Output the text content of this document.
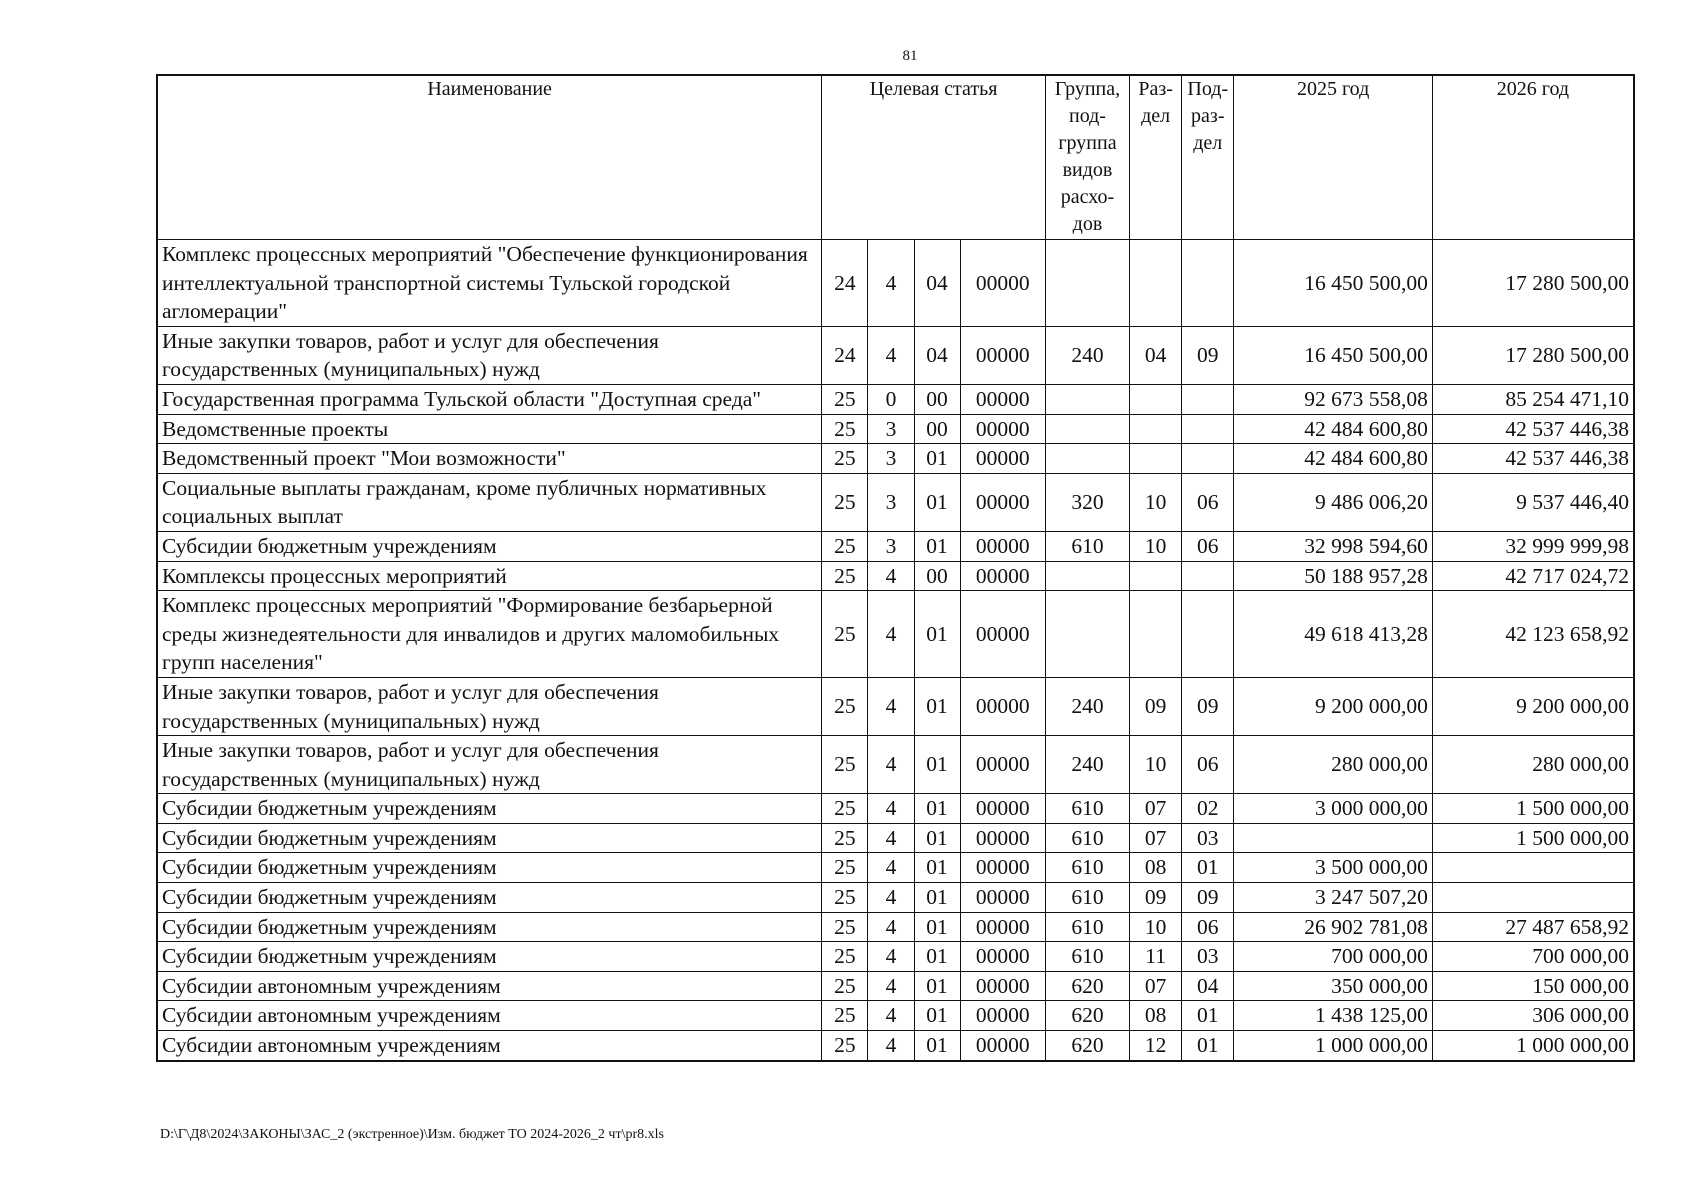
81
Наименование	Целевая статья				Группа, под-группа видов расхо-дов	Раз-дел	Под-раз-дел	2025 год	2026 год
Комплекс процессных мероприятий "Обеспечение функционирования интеллектуальной транспортной системы Тульской городской агломерации"	24	4	04	00000				16 450 500,00	17 280 500,00
Иные закупки товаров, работ и услуг для обеспечения государственных (муниципальных) нужд	24	4	04	00000	240	04	09	16 450 500,00	17 280 500,00
Государственная программа Тульской области "Доступная среда"	25	0	00	00000				92 673 558,08	85 254 471,10
Ведомственные проекты	25	3	00	00000				42 484 600,80	42 537 446,38
Ведомственный проект "Мои возможности"	25	3	01	00000				42 484 600,80	42 537 446,38
Социальные выплаты гражданам, кроме публичных нормативных социальных выплат	25	3	01	00000	320	10	06	9 486 006,20	9 537 446,40
Субсидии бюджетным учреждениям	25	3	01	00000	610	10	06	32 998 594,60	32 999 999,98
Комплексы процессных мероприятий	25	4	00	00000				50 188 957,28	42 717 024,72
Комплекс процессных мероприятий "Формирование безбарьерной среды жизнедеятельности для инвалидов и других маломобильных групп населения"	25	4	01	00000				49 618 413,28	42 123 658,92
Иные закупки товаров, работ и услуг для обеспечения государственных (муниципальных) нужд	25	4	01	00000	240	09	09	9 200 000,00	9 200 000,00
Иные закупки товаров, работ и услуг для обеспечения государственных (муниципальных) нужд	25	4	01	00000	240	10	06	280 000,00	280 000,00
Субсидии бюджетным учреждениям	25	4	01	00000	610	07	02	3 000 000,00	1 500 000,00
Субсидии бюджетным учреждениям	25	4	01	00000	610	07	03		1 500 000,00
Субсидии бюджетным учреждениям	25	4	01	00000	610	08	01	3 500 000,00	
Субсидии бюджетным учреждениям	25	4	01	00000	610	09	09	3 247 507,20	
Субсидии бюджетным учреждениям	25	4	01	00000	610	10	06	26 902 781,08	27 487 658,92
Субсидии бюджетным учреждениям	25	4	01	00000	610	11	03	700 000,00	700 000,00
Субсидии автономным учреждениям	25	4	01	00000	620	07	04	350 000,00	150 000,00
Субсидии автономным учреждениям	25	4	01	00000	620	08	01	1 438 125,00	306 000,00
Субсидии автономным учреждениям	25	4	01	00000	620	12	01	1 000 000,00	1 000 000,00
D:\Г\Д8\2024\ЗАКОНЫ\ЗАС_2 (экстренное)\Изм. бюджет ТО 2024-2026_2 чт\pr8.xls
